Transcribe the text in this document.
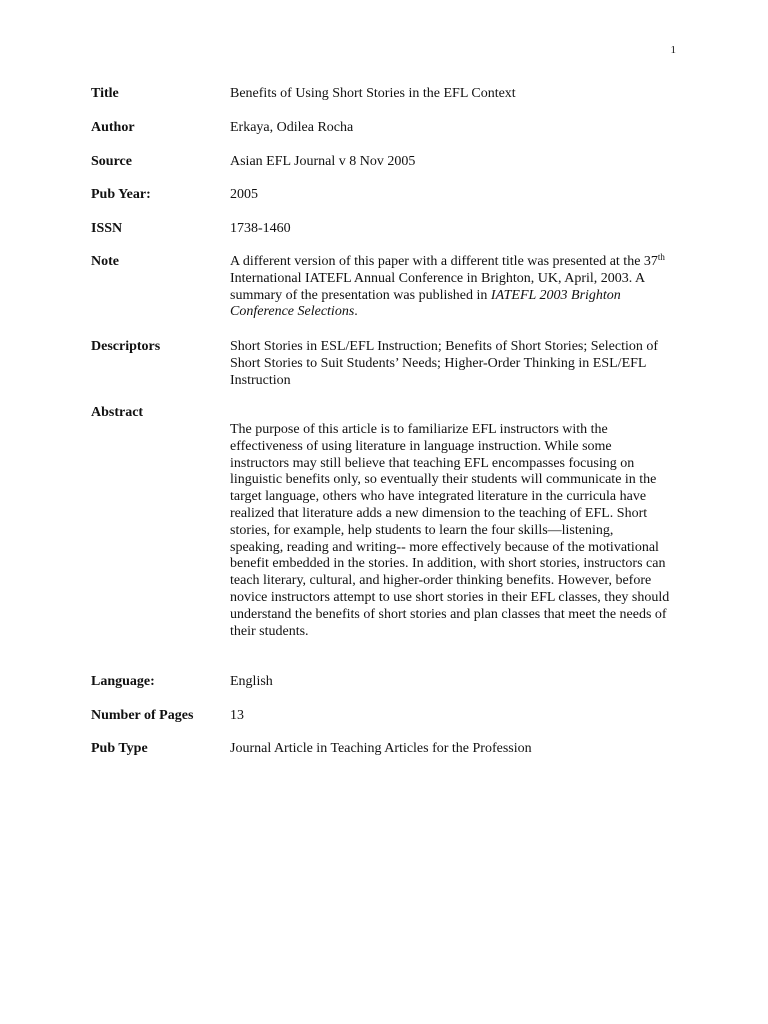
1
Title	Benefits of Using Short Stories in the EFL Context
Author	Erkaya, Odilea Rocha
Source	Asian EFL Journal v 8 Nov 2005
Pub Year:	2005
ISSN	1738-1460
Note	A different version of this paper with a different title was presented at the 37th International IATEFL Annual Conference in Brighton, UK, April, 2003. A summary of the presentation was published in IATEFL 2003 Brighton Conference Selections.
Descriptors	Short Stories in ESL/EFL Instruction; Benefits of Short Stories; Selection of Short Stories to Suit Students’ Needs; Higher-Order Thinking in ESL/EFL Instruction
Abstract
The purpose of this article is to familiarize EFL instructors with the effectiveness of using literature in language instruction. While some instructors may still believe that teaching EFL encompasses focusing on linguistic benefits only, so eventually their students will communicate in the target language, others who have integrated literature in the curricula have realized that literature adds a new dimension to the teaching of EFL. Short stories, for example, help students to learn the four skills—listening, speaking, reading and writing-- more effectively because of the motivational benefit embedded in the stories. In addition, with short stories, instructors can teach literary, cultural, and higher-order thinking benefits. However, before novice instructors attempt to use short stories in their EFL classes, they should understand the benefits of short stories and plan classes that meet the needs of their students.
Language:	English
Number of Pages	13
Pub Type	Journal Article in Teaching Articles for the Profession
